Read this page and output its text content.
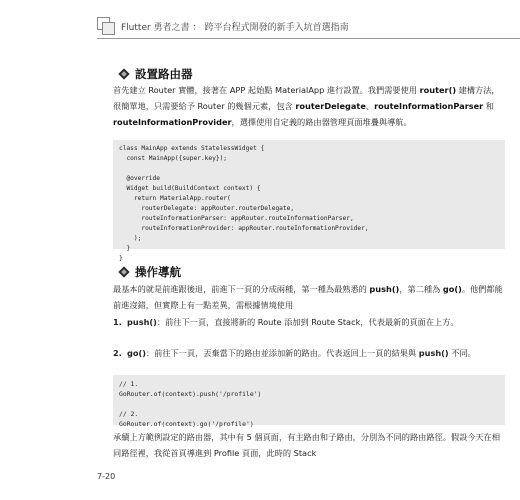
Flutter 勇者之書 ： 跨平台程式開發的新手入坑首選指南
設置路由器
首先建立 Router 實體，接著在 APP 起始點 MaterialApp 進行設置。我們需要使用 router() 建構方法，很簡單地，只需要給予 Router 的幾個元素，包含 routerDelegate、routeInformationParser 和 routeInformationProvider，選擇使用自定義的路由器管理頁面堆疊與導航。
class MainApp extends StatelessWidget {
const MainApp({super.key});

@override
Widget build(BuildContext context) {
return MaterialApp.router(
routerDelegate: appRouter.routerDelegate,
routeInformationParser: appRouter.routeInformationParser,
routeInformationProvider: appRouter.routeInformationProvider,
);
}
}
操作導航
最基本的就是前進跟後退，前進下一頁的分成兩種，第一種為最熟悉的 push()，第二種為 go()。他們都能前進沒錯，但實際上有一點差異，需根據情境使用
1. push()：前往下一頁，直接將新的 Route 添加到 Route Stack，代表最新的頁面在上方。
2. go()：前往下一頁，丟棄當下的路由並添加新的路由。代表返回上一頁的結果與 push() 不同。
// 1.
GoRouter.of(context).push('/profile')

// 2.
GoRouter.of(context).go('/profile')
承續上方範例設定的路由器，其中有 5 個頁面，有主路由和子路由，分別為不同的路由路徑。假設今天在相同路徑裡，我從首頁導進到 Profile 頁面，此時的 Stack
7-20
